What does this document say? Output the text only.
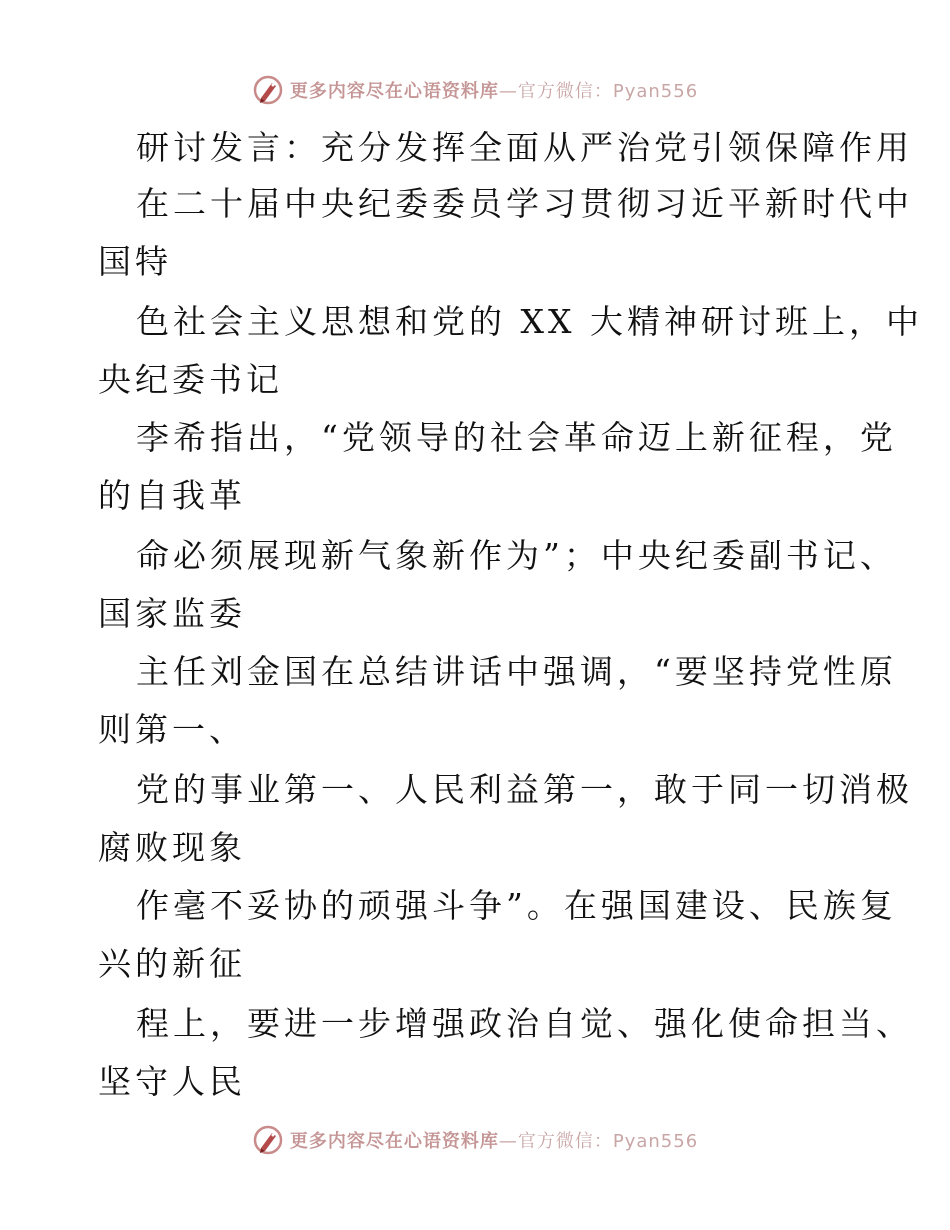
更多内容尽在心语资料库—官方微信：Pyan556
研讨发言：充分发挥全面从严治党引领保障作用
在二十届中央纪委委员学习贯彻习近平新时代中
国特
色社会主义思想和党的 XX 大精神研讨班上，中
央纪委书记
李希指出，“党领导的社会革命迈上新征程，党
的自我革
命必须展现新气象新作为”；中央纪委副书记、
国家监委
主任刘金国在总结讲话中强调，“要坚持党性原
则第一、
党的事业第一、人民利益第一，敢于同一切消极
腐败现象
作毫不妥协的顽强斗争”。在强国建设、民族复
兴的新征
程上，要进一步增强政治自觉、强化使命担当、
坚守人民
更多内容尽在心语资料库—官方微信：Pyan556
